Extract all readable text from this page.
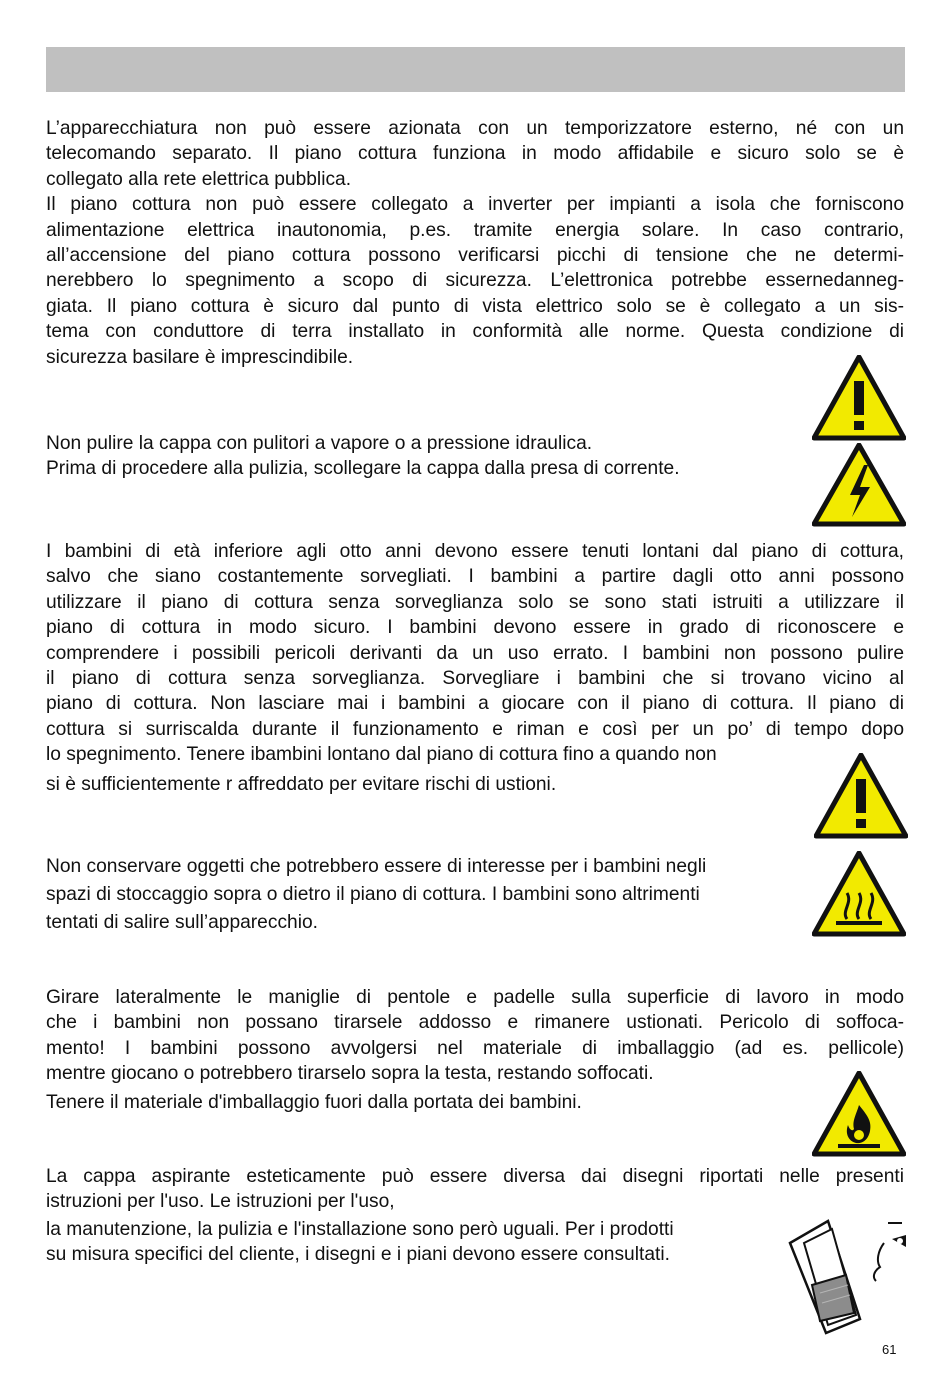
L’apparecchiatura non può essere azionata con un temporizzatore esterno, né con un
telecomando separato. Il piano cottura funziona in modo affidabile e sicuro solo se è
collegato alla rete elettrica pubblica.
Il piano cottura non può essere collegato a inverter per impianti a isola che forniscono
alimentazione elettrica inautonomia, p.es. tramite energia solare. In caso contrario,
all’accensione del piano cottura possono verificarsi picchi di tensione che ne determi-
nerebbero lo spegnimento a scopo di sicurezza. L’elettronica potrebbe essernedanneg-
giata. Il piano cottura è sicuro dal punto di vista elettrico solo se è collegato a un sis-
tema con conduttore di terra installato in conformità alle norme. Questa condizione di
sicurezza basilare è imprescindibile.
Non pulire la cappa con pulitori a vapore o a pressione idraulica.
Prima di procedere alla pulizia, scollegare la cappa dalla presa di corrente.
I bambini di età inferiore agli otto anni devono essere tenuti lontani dal piano di cottura,
salvo che siano costantemente sorvegliati. I bambini a partire dagli otto anni possono
utilizzare il piano di cottura senza sorveglianza solo se sono stati istruiti a utilizzare il
piano di cottura in modo sicuro. I bambini devono essere in grado di riconoscere e
comprendere i possibili pericoli derivanti da un uso errato. I bambini non possono pulire
il piano di cottura senza sorveglianza. Sorvegliare i bambini che si trovano vicino al
piano di cottura. Non lasciare mai i bambini a giocare con il piano di cottura. Il piano di
cottura si surriscalda durante il funzionamento e riman e così per un po’ di tempo dopo
lo spegnimento. Tenere ibambini lontano dal piano di cottura fino a quando non
si è sufficientemente r affreddato per evitare rischi di ustioni.
Non conservare oggetti che potrebbero essere di interesse per i bambini negli
spazi di stoccaggio sopra o dietro il piano di cottura. I bambini sono altrimenti
tentati di salire sull’apparecchio.
Girare lateralmente le maniglie di pentole e padelle sulla superficie di lavoro in modo
che i bambini non possano tirarsele addosso e rimanere ustionati. Pericolo di soffoca-
mento! I bambini possono avvolgersi nel materiale di imballaggio (ad es. pellicole)
mentre giocano o potrebbero tirarselo sopra la testa, restando soffocati.
Tenere il materiale d'imballaggio fuori dalla portata dei bambini.
La cappa aspirante esteticamente può essere diversa dai disegni riportati nelle presenti
istruzioni per l'uso. Le istruzioni per l'uso,
la manutenzione, la pulizia e l'installazione sono però uguali. Per i prodotti
su misura specifici del cliente, i disegni e i piani devono essere consultati.
61
